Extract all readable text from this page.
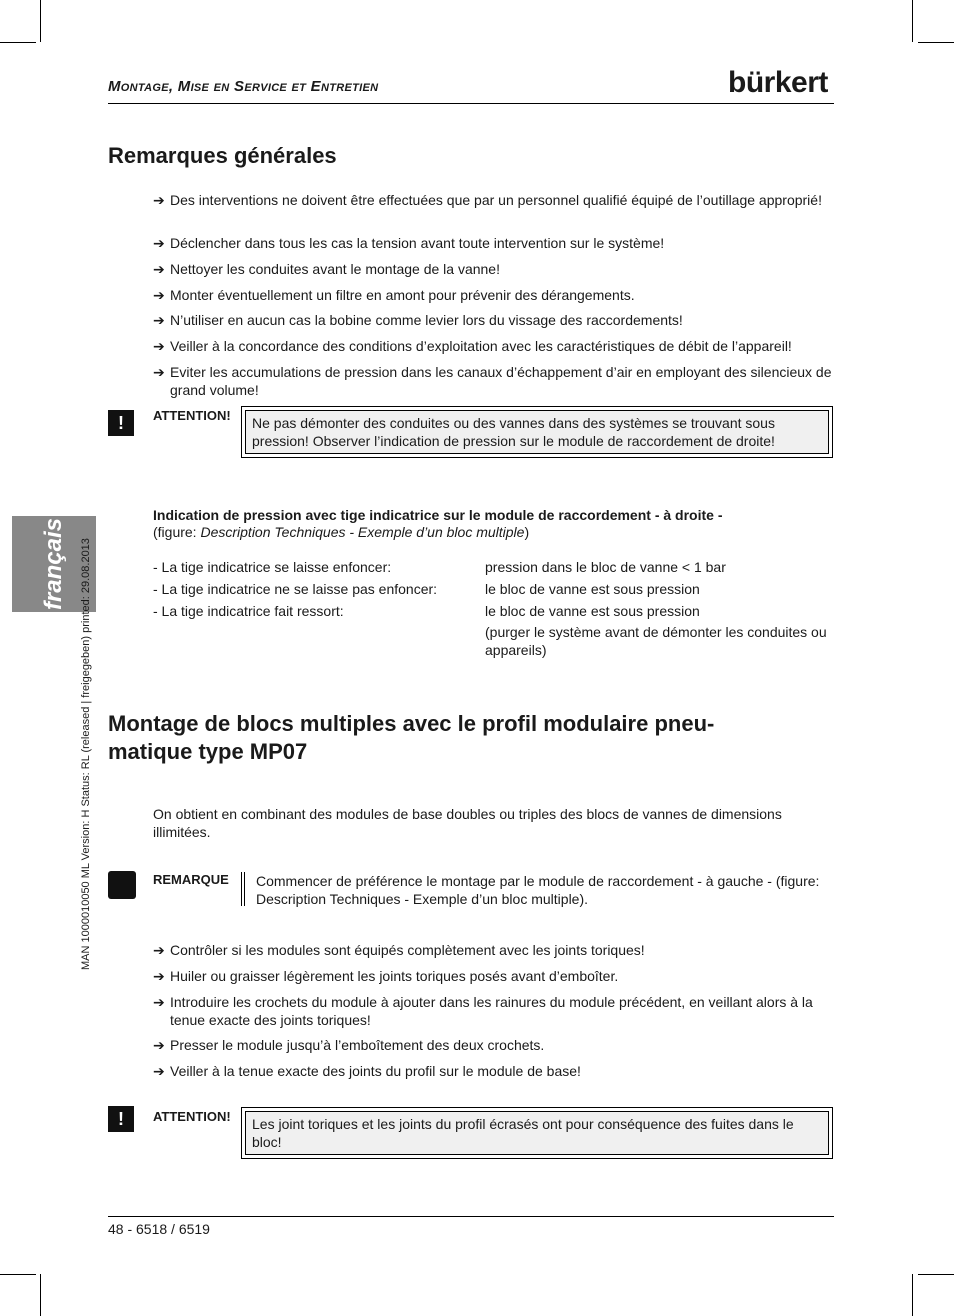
Montage, Mise en Service et Entretien	bürkert
français MAN 1000010050 ML Version: H Status: RL (released | freigegeben) printed: 29.08.2013
Remarques générales
➔ Des interventions ne doivent être effectuées que par un personnel qualifié équipé de l’outillage approprié!
➔ Déclencher dans tous les cas la tension avant toute intervention sur le système!
➔ Nettoyer les conduites avant le montage de la vanne!
➔ Monter éventuellement un filtre en amont pour prévenir des dérangements.
➔ N’utiliser en aucun cas la bobine comme levier lors du vissage des raccordements!
➔ Veiller à la concordance des conditions d’exploitation avec les caractéristiques de débit de l’appareil!
➔ Eviter les accumulations de pression dans les canaux d’échappement d’air en employant des silencieux de grand volume!
!	ATTENTION!	Ne pas démonter des conduites ou des vannes dans des systèmes se trouvant sous pression! Observer l’indication de pression sur le module de raccordement de droite!
Indication de pression avec tige indicatrice sur le module de raccordement - à droite -
(figure: Description Techniques - Exemple d’un bloc multiple)
- La tige indicatrice se laisse enfoncer:	pression dans le bloc de vanne < 1 bar
- La tige indicatrice ne se laisse pas enfoncer:	le bloc de vanne est sous pression
- La tige indicatrice fait ressort:	le bloc de vanne est sous pression
(purger le système avant de démonter les conduites ou appareils)
Montage de blocs multiples avec le profil modulaire pneu-
matique type MP07
On obtient en combinant des modules de base doubles ou triples des blocs de vannes de dimensions illimitées.
REMARQUE Commencer de préférence le montage par le module de raccordement - à gauche - (figure: Description Techniques - Exemple d’un bloc multiple).
➔ Contrôler si les modules sont équipés complètement avec les joints toriques!
➔ Huiler ou graisser légèrement les joints toriques posés avant d’emboîter.
➔ Introduire les crochets du module à ajouter dans les rainures du module précédent, en veillant alors à la tenue exacte des joints toriques!
➔ Presser le module jusqu’à l’emboîtement des deux crochets.
➔ Veiller à la tenue exacte des joints du profil sur le module de base!
!	ATTENTION!	Les joint toriques et les joints du profil écrasés ont pour conséquence des fuites dans le bloc!
48 - 6518 / 6519
